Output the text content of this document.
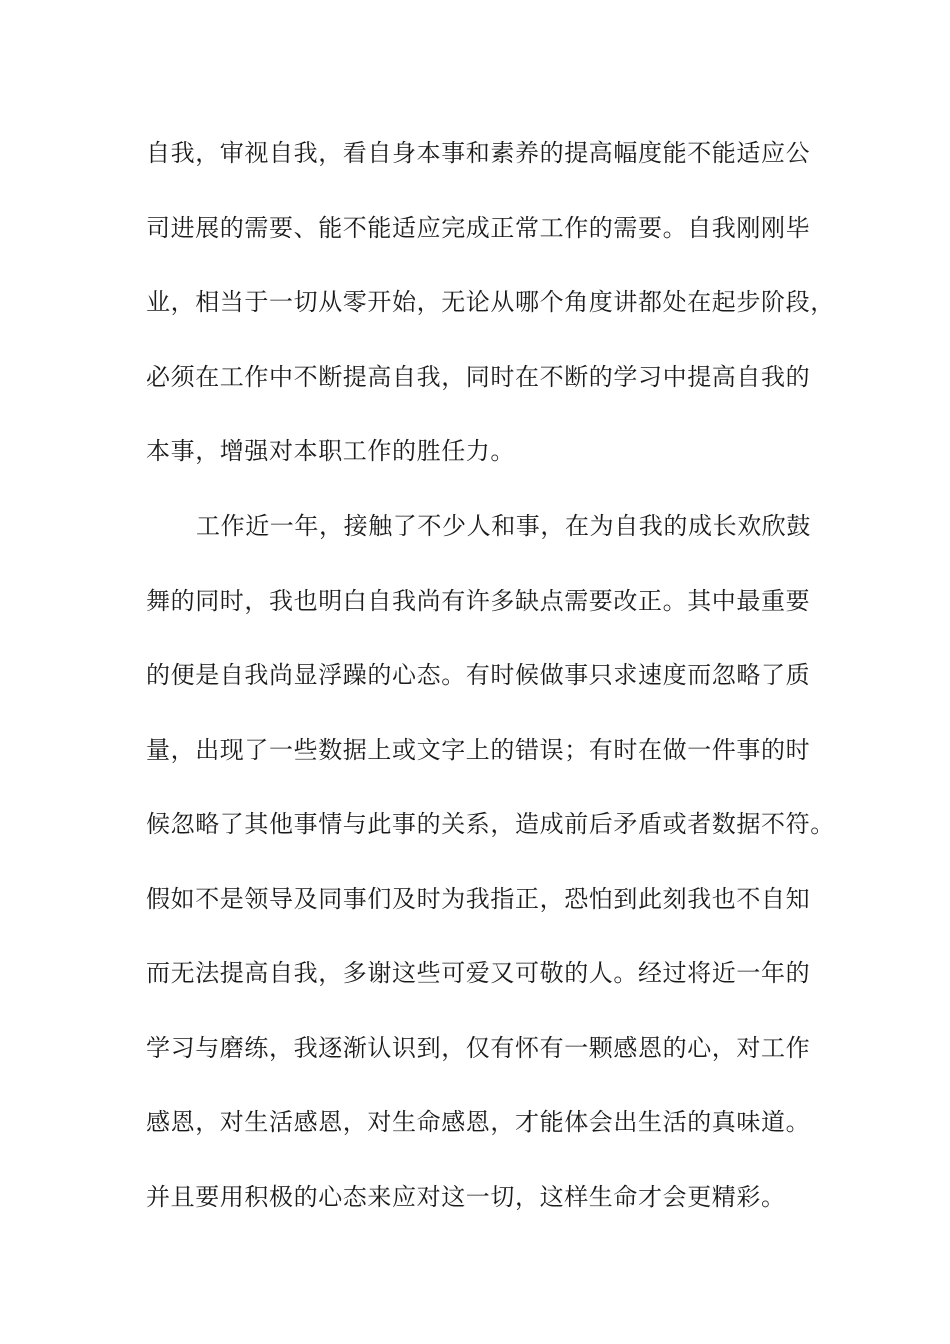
自我，审视自我，看自身本事和素养的提高幅度能不能适应公
司进展的需要、能不能适应完成正常工作的需要。自我刚刚毕
业，相当于一切从零开始，无论从哪个角度讲都处在起步阶段，
必须在工作中不断提高自我，同时在不断的学习中提高自我的
本事，增强对本职工作的胜任力。
工作近一年，接触了不少人和事，在为自我的成长欢欣鼓
舞的同时，我也明白自我尚有许多缺点需要改正。其中最重要
的便是自我尚显浮躁的心态。有时候做事只求速度而忽略了质
量，出现了一些数据上或文字上的错误；有时在做一件事的时
候忽略了其他事情与此事的关系，造成前后矛盾或者数据不符。
假如不是领导及同事们及时为我指正，恐怕到此刻我也不自知
而无法提高自我，多谢这些可爱又可敬的人。经过将近一年的
学习与磨练，我逐渐认识到，仅有怀有一颗感恩的心，对工作
感恩，对生活感恩，对生命感恩，才能体会出生活的真味道。
并且要用积极的心态来应对这一切，这样生命才会更精彩。
